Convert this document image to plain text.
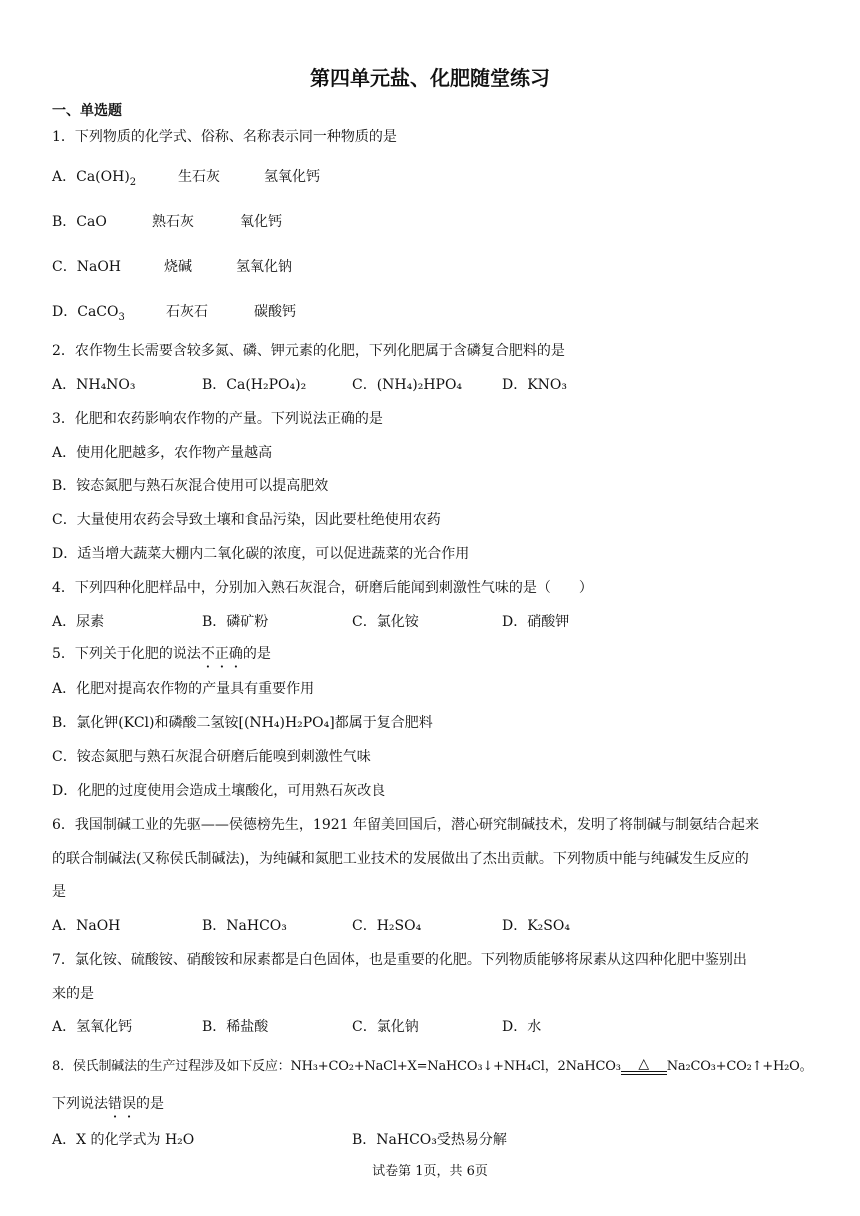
第四单元盐、化肥随堂练习
一、单选题
1．下列物质的化学式、俗称、名称表示同一种物质的是
A．$Ca(OH)_2$	生石灰	氢氧化钙
B．CaO	熟石灰	氧化钙
C．NaOH	烧碱	氢氧化钠
D．CaCO$_3$	石灰石	碳酸钙
2．农作物生长需要含较多氮、磷、钾元素的化肥，下列化肥属于含磷复合肥料的是
A．NH₄NO₃	B．Ca(H₂PO₄)₂	C．(NH₄)₂HPO₄	D．KNO₃
3．化肥和农药影响农作物的产量。下列说法正确的是
A．使用化肥越多，农作物产量越高
B．铵态氮肥与熟石灰混合使用可以提高肥效
C．大量使用农药会导致土壤和食品污染，因此要杜绝使用农药
D．适当增大蔬菜大棚内二氧化碳的浓度，可以促进蔬菜的光合作用
4．下列四种化肥样品中，分别加入熟石灰混合，研磨后能闻到刺激性气味的是（　　）
A．尿素	B．磷矿粉	C．氯化铵	D．硝酸钾
5．下列关于化肥的说法不正确的是
A．化肥对提高农作物的产量具有重要作用
B．氯化钾(KCl)和磷酸二氢铵[(NH₄)H₂PO₄]都属于复合肥料
C．铵态氮肥与熟石灰混合研磨后能嗅到刺激性气味
D．化肥的过度使用会造成土壤酸化，可用熟石灰改良
6．我国制碱工业的先驱——侯德榜先生，1921 年留美回国后，潜心研究制碱技术，发明了将制碱与制氨结合起来
的联合制碱法(又称侯氏制碱法)，为纯碱和氮肥工业技术的发展做出了杰出贡献。下列物质中能与纯碱发生反应的
是
A．NaOH	B．NaHCO₃	C．H₂SO₄	D．K₂SO₄
7．氯化铵、硫酸铵、硝酸铵和尿素都是白色固体，也是重要的化肥。下列物质能够将尿素从这四种化肥中鉴别出
来的是
A．氢氧化钙	B．稀盐酸	C．氯化钠	D．水
8．侯氏制碱法的生产过程涉及如下反应：NH₃+CO₂+NaCl+X=NaHCO₃↓+NH₄Cl，2NaHCO₃	△	Na₂CO₃+CO₂↑+H₂O。
下列说法错误的是
A．X 的化学式为 H₂O	B．NaHCO₃受热易分解
试卷第 1页，共 6页
